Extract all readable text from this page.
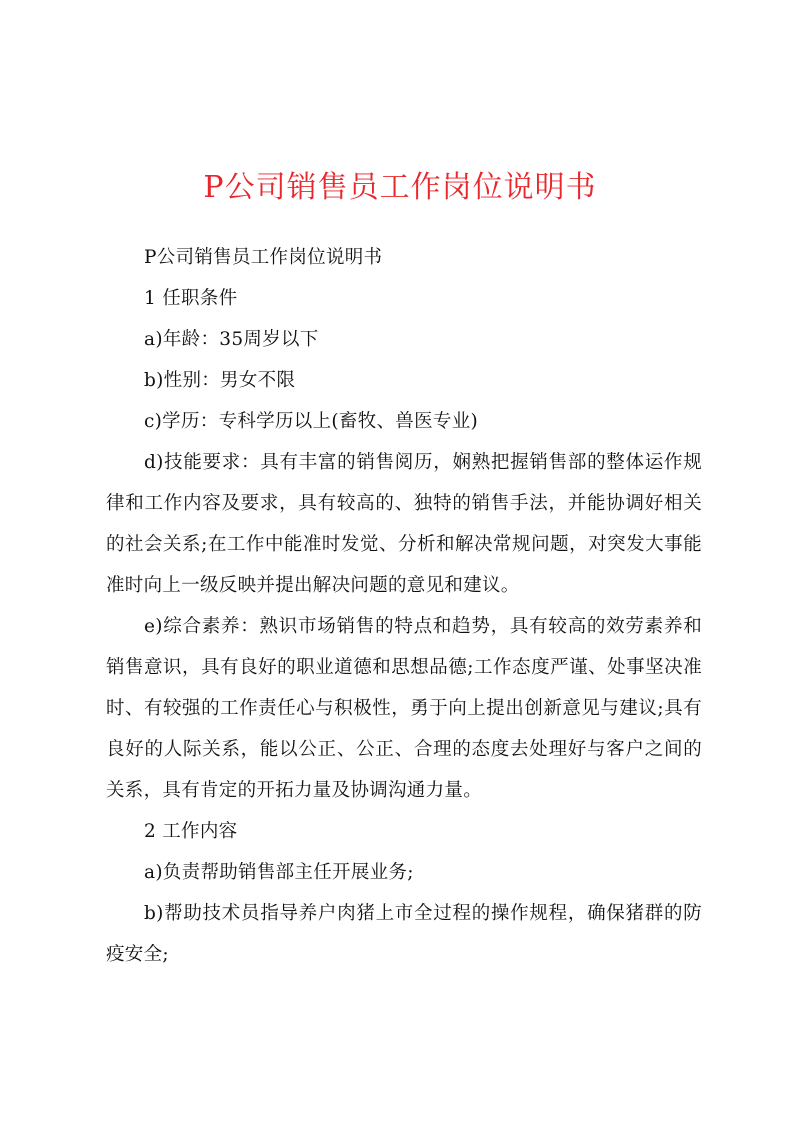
P公司销售员工作岗位说明书

P公司销售员工作岗位说明书

1 任职条件

a)年龄：35周岁以下

b)性别：男女不限

c)学历：专科学历以上(畜牧、兽医专业)

d)技能要求：具有丰富的销售阅历，娴熟把握销售部的整体运作规律和工作内容及要求，具有较高的、独特的销售手法，并能协调好相关的社会关系;在工作中能准时发觉、分析和解决常规问题，对突发大事能准时向上一级反映并提出解决问题的意见和建议。

e)综合素养：熟识市场销售的特点和趋势，具有较高的效劳素养和销售意识，具有良好的职业道德和思想品德;工作态度严谨、处事坚决准时、有较强的工作责任心与积极性，勇于向上提出创新意见与建议;具有良好的人际关系，能以公正、公正、合理的态度去处理好与客户之间的关系，具有肯定的开拓力量及协调沟通力量。

2 工作内容

a)负责帮助销售部主任开展业务;

b)帮助技术员指导养户肉猪上市全过程的操作规程，确保猪群的防疫安全;
